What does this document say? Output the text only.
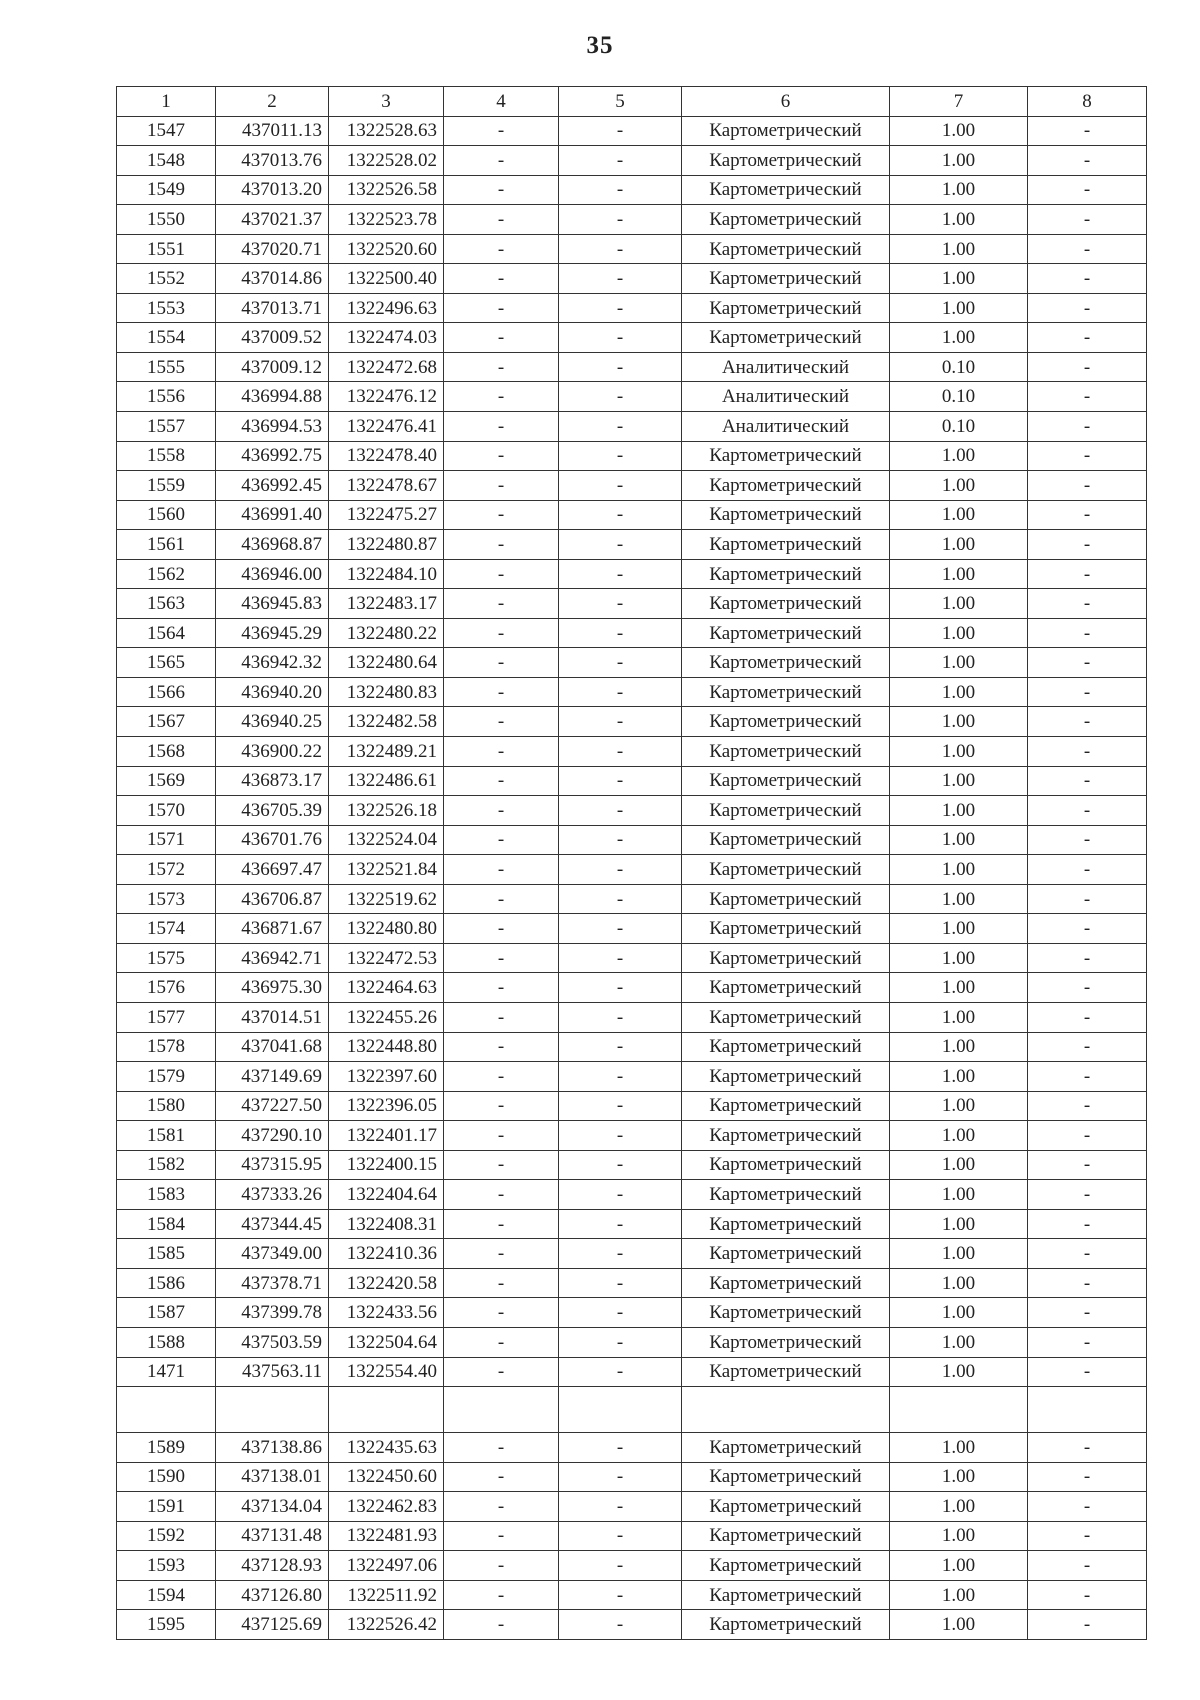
35
1	2	3	4	5	6	7	8
1547	437011.13	1322528.63	-	-	Картометрический	1.00	-
1548	437013.76	1322528.02	-	-	Картометрический	1.00	-
1549	437013.20	1322526.58	-	-	Картометрический	1.00	-
1550	437021.37	1322523.78	-	-	Картометрический	1.00	-
1551	437020.71	1322520.60	-	-	Картометрический	1.00	-
1552	437014.86	1322500.40	-	-	Картометрический	1.00	-
1553	437013.71	1322496.63	-	-	Картометрический	1.00	-
1554	437009.52	1322474.03	-	-	Картометрический	1.00	-
1555	437009.12	1322472.68	-	-	Аналитический	0.10	-
1556	436994.88	1322476.12	-	-	Аналитический	0.10	-
1557	436994.53	1322476.41	-	-	Аналитический	0.10	-
1558	436992.75	1322478.40	-	-	Картометрический	1.00	-
1559	436992.45	1322478.67	-	-	Картометрический	1.00	-
1560	436991.40	1322475.27	-	-	Картометрический	1.00	-
1561	436968.87	1322480.87	-	-	Картометрический	1.00	-
1562	436946.00	1322484.10	-	-	Картометрический	1.00	-
1563	436945.83	1322483.17	-	-	Картометрический	1.00	-
1564	436945.29	1322480.22	-	-	Картометрический	1.00	-
1565	436942.32	1322480.64	-	-	Картометрический	1.00	-
1566	436940.20	1322480.83	-	-	Картометрический	1.00	-
1567	436940.25	1322482.58	-	-	Картометрический	1.00	-
1568	436900.22	1322489.21	-	-	Картометрический	1.00	-
1569	436873.17	1322486.61	-	-	Картометрический	1.00	-
1570	436705.39	1322526.18	-	-	Картометрический	1.00	-
1571	436701.76	1322524.04	-	-	Картометрический	1.00	-
1572	436697.47	1322521.84	-	-	Картометрический	1.00	-
1573	436706.87	1322519.62	-	-	Картометрический	1.00	-
1574	436871.67	1322480.80	-	-	Картометрический	1.00	-
1575	436942.71	1322472.53	-	-	Картометрический	1.00	-
1576	436975.30	1322464.63	-	-	Картометрический	1.00	-
1577	437014.51	1322455.26	-	-	Картометрический	1.00	-
1578	437041.68	1322448.80	-	-	Картометрический	1.00	-
1579	437149.69	1322397.60	-	-	Картометрический	1.00	-
1580	437227.50	1322396.05	-	-	Картометрический	1.00	-
1581	437290.10	1322401.17	-	-	Картометрический	1.00	-
1582	437315.95	1322400.15	-	-	Картометрический	1.00	-
1583	437333.26	1322404.64	-	-	Картометрический	1.00	-
1584	437344.45	1322408.31	-	-	Картометрический	1.00	-
1585	437349.00	1322410.36	-	-	Картометрический	1.00	-
1586	437378.71	1322420.58	-	-	Картометрический	1.00	-
1587	437399.78	1322433.56	-	-	Картометрический	1.00	-
1588	437503.59	1322504.64	-	-	Картометрический	1.00	-
1471	437563.11	1322554.40	-	-	Картометрический	1.00	-

1589	437138.86	1322435.63	-	-	Картометрический	1.00	-
1590	437138.01	1322450.60	-	-	Картометрический	1.00	-
1591	437134.04	1322462.83	-	-	Картометрический	1.00	-
1592	437131.48	1322481.93	-	-	Картометрический	1.00	-
1593	437128.93	1322497.06	-	-	Картометрический	1.00	-
1594	437126.80	1322511.92	-	-	Картометрический	1.00	-
1595	437125.69	1322526.42	-	-	Картометрический	1.00	-
